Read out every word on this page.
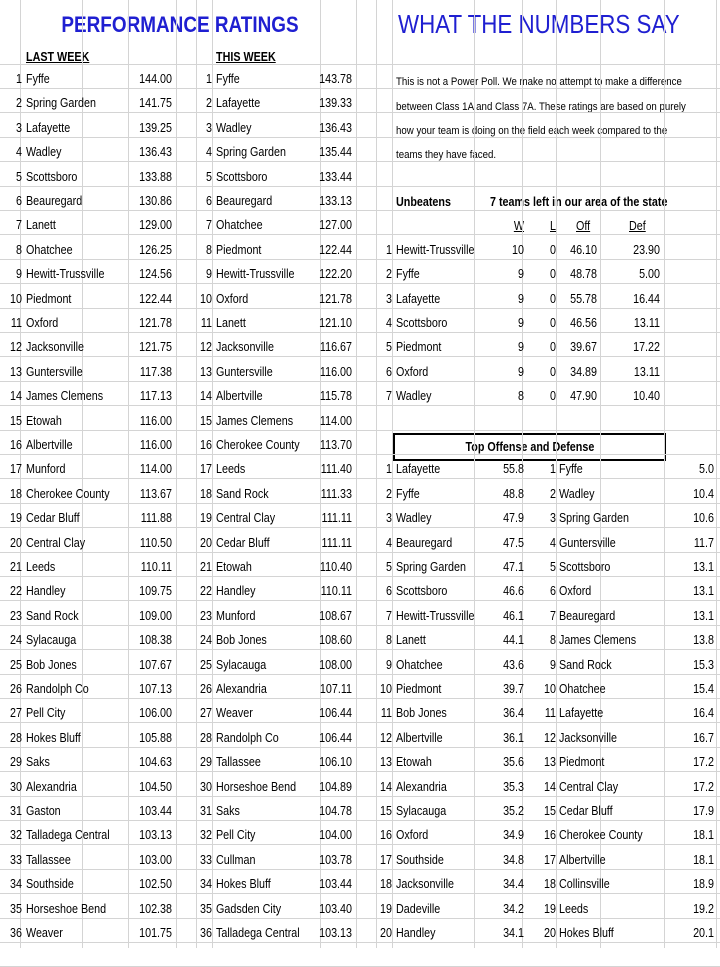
PERFORMANCE RATINGS	WHAT THE NUMBERS SAY
LAST WEEK	THIS WEEK
This is not a Power Poll. We make no attempt to make a difference
between Class 1A and Class 7A. These ratings are based on purely
how your team is doing on the field each week compared to the
teams they have faced.
Unbeatens	7 teams left in our area of the state
W	L Off	Def
Top Offense and Defense
1 Fyffe	144.00
2 Spring Garden	141.75
3 Lafayette	139.25
4 Wadley	136.43
5 Scottsboro	133.88
6 Beauregard	130.86
7 Lanett	129.00
8 Ohatchee	126.25
9 Hewitt-Trussville	124.56
10 Piedmont	122.44
11 Oxford	121.78
12 Jacksonville	121.75
13 Guntersville	117.38
14 James Clemens	117.13
15 Etowah	116.00
16 Albertville	116.00
17 Munford	114.00
18 Cherokee County	113.67
19 Cedar Bluff	111.88
20 Central Clay	110.50
21 Leeds	110.11
22 Handley	109.75
23 Sand Rock	109.00
24 Sylacauga	108.38
25 Bob Jones	107.67
26 Randolph Co	107.13
27 Pell City	106.00
28 Hokes Bluff	105.88
29 Saks	104.63
30 Alexandria	104.50
31 Gaston	103.44
32 Talladega Central	103.13
33 Tallassee	103.00
34 Southside	102.50
35 Horseshoe Bend	102.38
36 Weaver	101.75
1 Fyffe	143.78
2 Lafayette	139.33
3 Wadley	136.43
4 Spring Garden	135.44
5 Scottsboro	133.44
6 Beauregard	133.13
7 Ohatchee	127.00
8 Piedmont	122.44
9 Hewitt-Trussville	122.20
10 Oxford	121.78
11 Lanett	121.10
12 Jacksonville	116.67
13 Guntersville	116.00
14 Albertville	115.78
15 James Clemens	114.00
16 Cherokee County	113.70
17 Leeds	111.40
18 Sand Rock	111.33
19 Central Clay	111.11
20 Cedar Bluff	111.11
21 Etowah	110.40
22 Handley	110.11
23 Munford	108.67
24 Bob Jones	108.60
25 Sylacauga	108.00
26 Alexandria	107.11
27 Weaver	106.44
28 Randolph Co	106.44
29 Tallassee	106.10
30 Horseshoe Bend	104.89
31 Saks	104.78
32 Pell City	104.00
33 Cullman	103.78
34 Hokes Bluff	103.44
35 Gadsden City	103.40
36 Talladega Central	103.13
1 Hewitt-Trussville	10	0	46.10	23.90
2 Fyffe	9	0	48.78	5.00
3 Lafayette	9	0	55.78	16.44
4 Scottsboro	9	0	46.56	13.11
5 Piedmont	9	0	39.67	17.22
6 Oxford	9	0	34.89	13.11
7 Wadley	8	0	47.90	10.40
1 Lafayette	55.8
2 Fyffe	48.8
3 Wadley	47.9
4 Beauregard	47.5
5 Spring Garden	47.1
6 Scottsboro	46.6
7 Hewitt-Trussville	46.1
8 Lanett	44.1
9 Ohatchee	43.6
10 Piedmont	39.7
11 Bob Jones	36.4
12 Albertville	36.1
13 Etowah	35.6
14 Alexandria	35.3
15 Sylacauga	35.2
16 Oxford	34.9
17 Southside	34.8
18 Jacksonville	34.4
19 Dadeville	34.2
20 Handley	34.1
1 Fyffe	5.0
2 Wadley	10.4
3 Spring Garden	10.6
4 Guntersville	11.7
5 Scottsboro	13.1
6 Oxford	13.1
7 Beauregard	13.1
8 James Clemens	13.8
9 Sand Rock	15.3
10 Ohatchee	15.4
11 Lafayette	16.4
12 Jacksonville	16.7
13 Piedmont	17.2
14 Central Clay	17.2
15 Cedar Bluff	17.9
16 Cherokee County	18.1
17 Albertville	18.1
18 Collinsville	18.9
19 Leeds	19.2
20 Hokes Bluff	20.1
